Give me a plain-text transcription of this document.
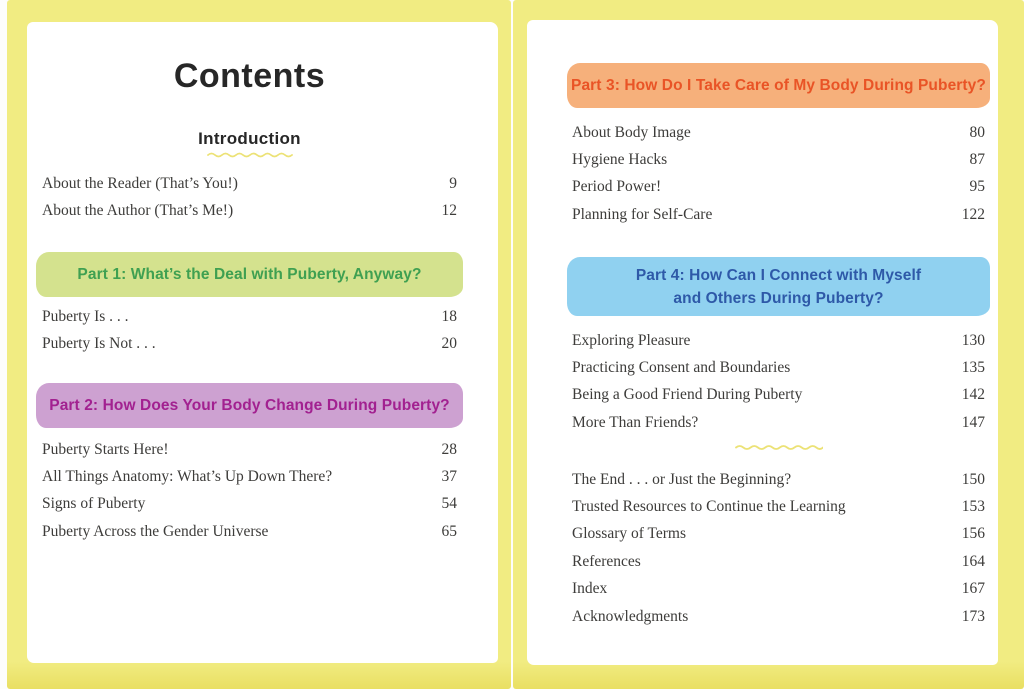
Contents
Introduction
About the Reader (That’s You!)	9
About the Author (That’s Me!)	12
Part 1: What’s the Deal with Puberty, Anyway?
Puberty Is . . .	18
Puberty Is Not . . .	20
Part 2: How Does Your Body Change During Puberty?
Puberty Starts Here!	28
All Things Anatomy: What’s Up Down There?	37
Signs of Puberty	54
Puberty Across the Gender Universe	65
Part 3: How Do I Take Care of My Body During Puberty?
About Body Image	80
Hygiene Hacks	87
Period Power!	95
Planning for Self-Care	122
Part 4: How Can I Connect with Myself
and Others During Puberty?
Exploring Pleasure	130
Practicing Consent and Boundaries	135
Being a Good Friend During Puberty	142
More Than Friends?	147
The End . . . or Just the Beginning?	150
Trusted Resources to Continue the Learning	153
Glossary of Terms	156
References	164
Index	167
Acknowledgments	173
